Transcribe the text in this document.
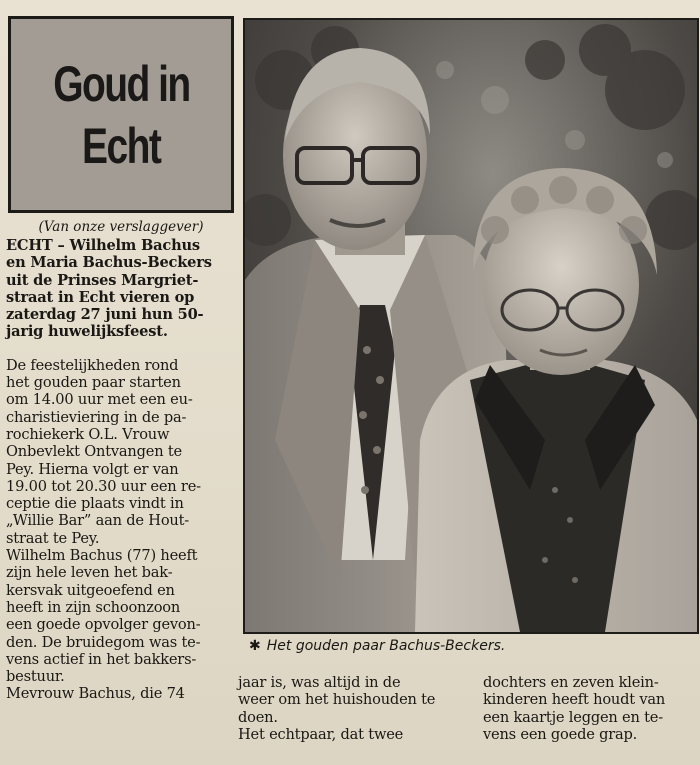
Goud in
Echt
(Van onze verslaggever)

ECHT – Wilhelm Bachus

en Maria Bachus-Beckers

uit de Prinses Margriet-

straat in Echt vieren op

zaterdag 27 juni hun 50-

jarig huwelijksfeest.

De feestelijkheden rond

het gouden paar starten

om 14.00 uur met een eu-

charistieviering in de pa-

rochiekerk O.L. Vrouw

Onbevlekt Ontvangen te

Pey. Hierna volgt er van

19.00 tot 20.30 uur een re-

ceptie die plaats vindt in

„Willie Bar” aan de Hout-

straat te Pey.

Wilhelm Bachus (77) heeft

zijn hele leven het bak-

kersvak uitgeoefend en

heeft in zijn schoonzoon

een goede opvolger gevon-

den. De bruidegom was te-

vens actief in het bakkers-

bestuur.

Mevrouw Bachus, die 74

✱ Het gouden paar Bachus-Beckers.

jaar is, was altijd in de

weer om het huishouden te

doen.

Het echtpaar, dat twee

dochters en zeven klein-

kinderen heeft houdt van

een kaartje leggen en te-

vens een goede grap.
